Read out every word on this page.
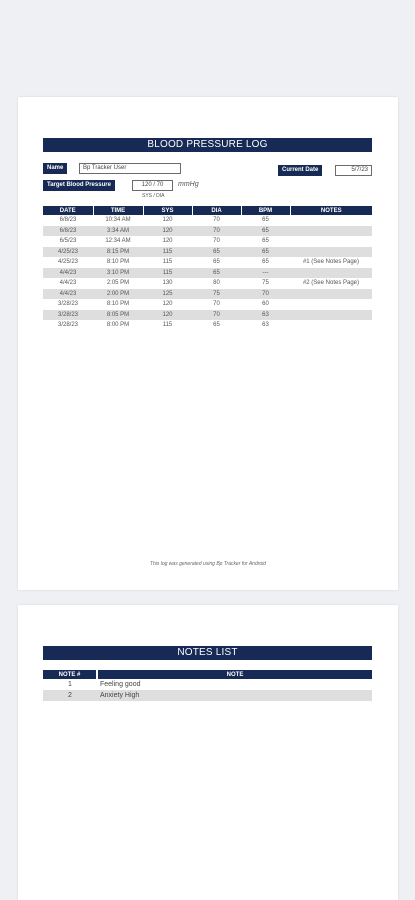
BLOOD PRESSURE LOG
Name	Bp Tracker User	Current Date	5/7/23
Target Blood Pressure	120 / 70	mmHg
SYS / DIA
DATE	TIME	SYS	DIA	BPM	NOTES
6/8/23	10:34 AM	120	70	65	
6/8/23	3:34 AM	120	70	65	
6/5/23	12:34 AM	120	70	65	
4/25/23	8:15 PM	115	65	65	
4/25/23	8:10 PM	115	65	65	#1 (See Notes Page)
4/4/23	3:10 PM	115	65	---	
4/4/23	2:05 PM	130	80	75	#2 (See Notes Page)
4/4/23	2:00 PM	125	75	70	
3/28/23	8:10 PM	120	70	60	
3/28/23	8:05 PM	120	70	63	
3/28/23	8:00 PM	115	65	63	
This log was generated using Bp Tracker for Android
NOTES LIST
NOTE #	NOTE
1	Feeling good
2	Anxiety High
